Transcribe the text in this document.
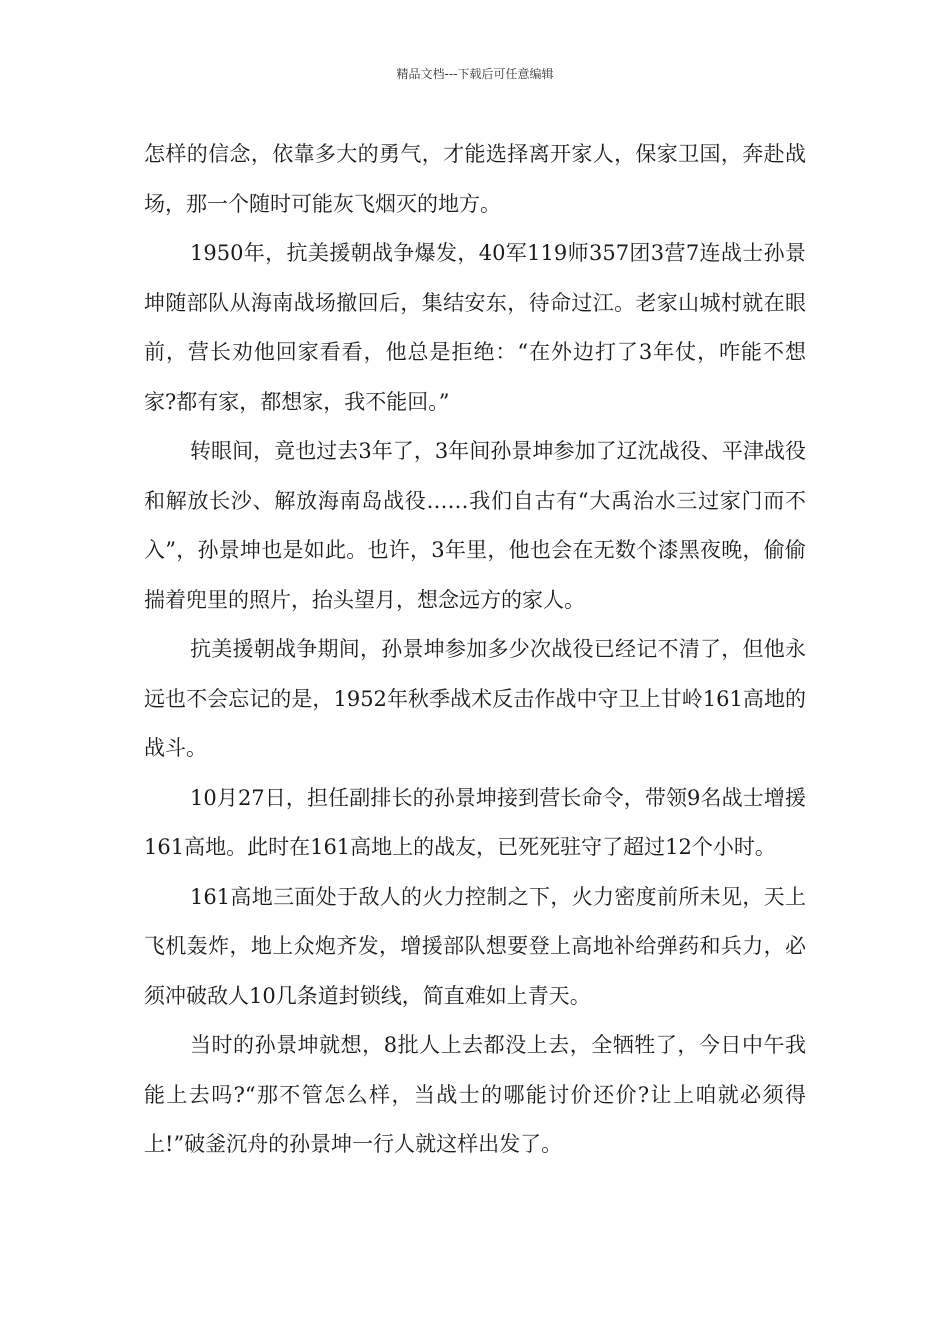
精品文档---下载后可任意编辑

怎样的信念，依靠多大的勇气，才能选择离开家人，保家卫国，奔赴战场，那一个随时可能灰飞烟灭的地方。

1950年，抗美援朝战争爆发，40军119师357团3营7连战士孙景坤随部队从海南战场撤回后，集结安东，待命过江。老家山城村就在眼前，营长劝他回家看看，他总是拒绝：“在外边打了3年仗，咋能不想家?都有家，都想家，我不能回。”

转眼间，竟也过去3年了，3年间孙景坤参加了辽沈战役、平津战役和解放长沙、解放海南岛战役……我们自古有“大禹治水三过家门而不入”，孙景坤也是如此。也许，3年里，他也会在无数个漆黑夜晚，偷偷揣着兜里的照片，抬头望月，想念远方的家人。

抗美援朝战争期间，孙景坤参加多少次战役已经记不清了，但他永远也不会忘记的是，1952年秋季战术反击作战中守卫上甘岭161高地的战斗。

10月27日，担任副排长的孙景坤接到营长命令，带领9名战士增援161高地。此时在161高地上的战友，已死死驻守了超过12个小时。

161高地三面处于敌人的火力控制之下，火力密度前所未见，天上飞机轰炸，地上众炮齐发，增援部队想要登上高地补给弹药和兵力，必须冲破敌人10几条道封锁线，简直难如上青天。

当时的孙景坤就想，8批人上去都没上去，全牺牲了，今日中午我能上去吗?“那不管怎么样，当战士的哪能讨价还价?让上咱就必须得上!”破釜沉舟的孙景坤一行人就这样出发了。
